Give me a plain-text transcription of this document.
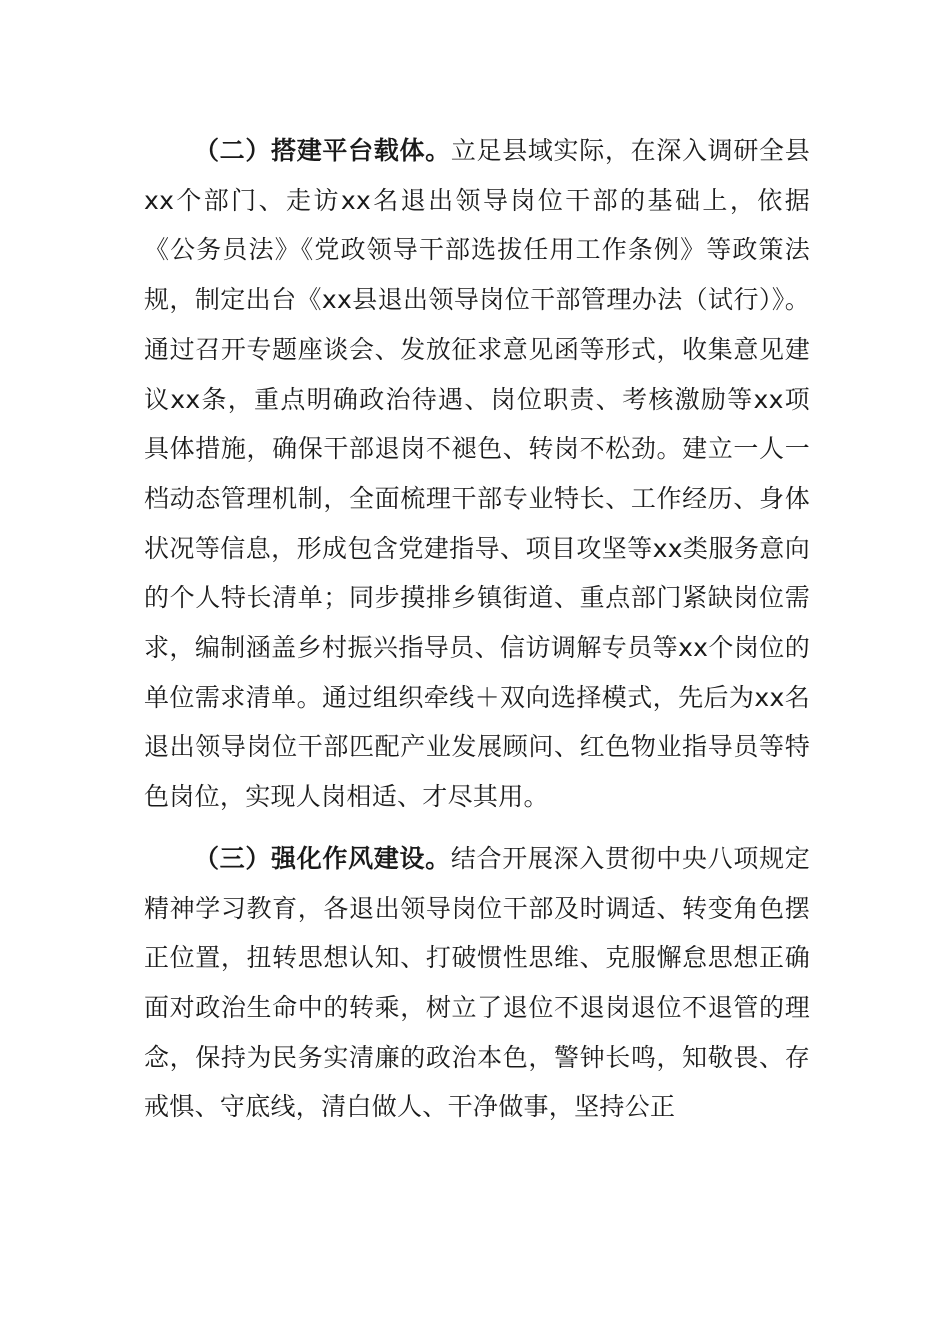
（二）搭建平台载体。立足县域实际，在深入调研全县xx个部门、走访xx名退出领导岗位干部的基础上，依据《公务员法》《党政领导干部选拔任用工作条例》等政策法规，制定出台《xx县退出领导岗位干部管理办法（试行）》。通过召开专题座谈会、发放征求意见函等形式，收集意见建议xx条，重点明确政治待遇、岗位职责、考核激励等xx项具体措施，确保干部退岗不褪色、转岗不松劲。建立一人一档动态管理机制，全面梳理干部专业特长、工作经历、身体状况等信息，形成包含党建指导、项目攻坚等xx类服务意向的个人特长清单；同步摸排乡镇街道、重点部门紧缺岗位需求，编制涵盖乡村振兴指导员、信访调解专员等xx个岗位的单位需求清单。通过组织牵线＋双向选择模式，先后为xx名退出领导岗位干部匹配产业发展顾问、红色物业指导员等特色岗位，实现人岗相适、才尽其用。

（三）强化作风建设。结合开展深入贯彻中央八项规定精神学习教育，各退出领导岗位干部及时调适、转变角色摆正位置，扭转思想认知、打破惯性思维、克服懈怠思想正确面对政治生命中的转乘，树立了退位不退岗退位不退管的理念，保持为民务实清廉的政治本色，警钟长鸣，知敬畏、存戒惧、守底线，清白做人、干净做事，坚持公正
